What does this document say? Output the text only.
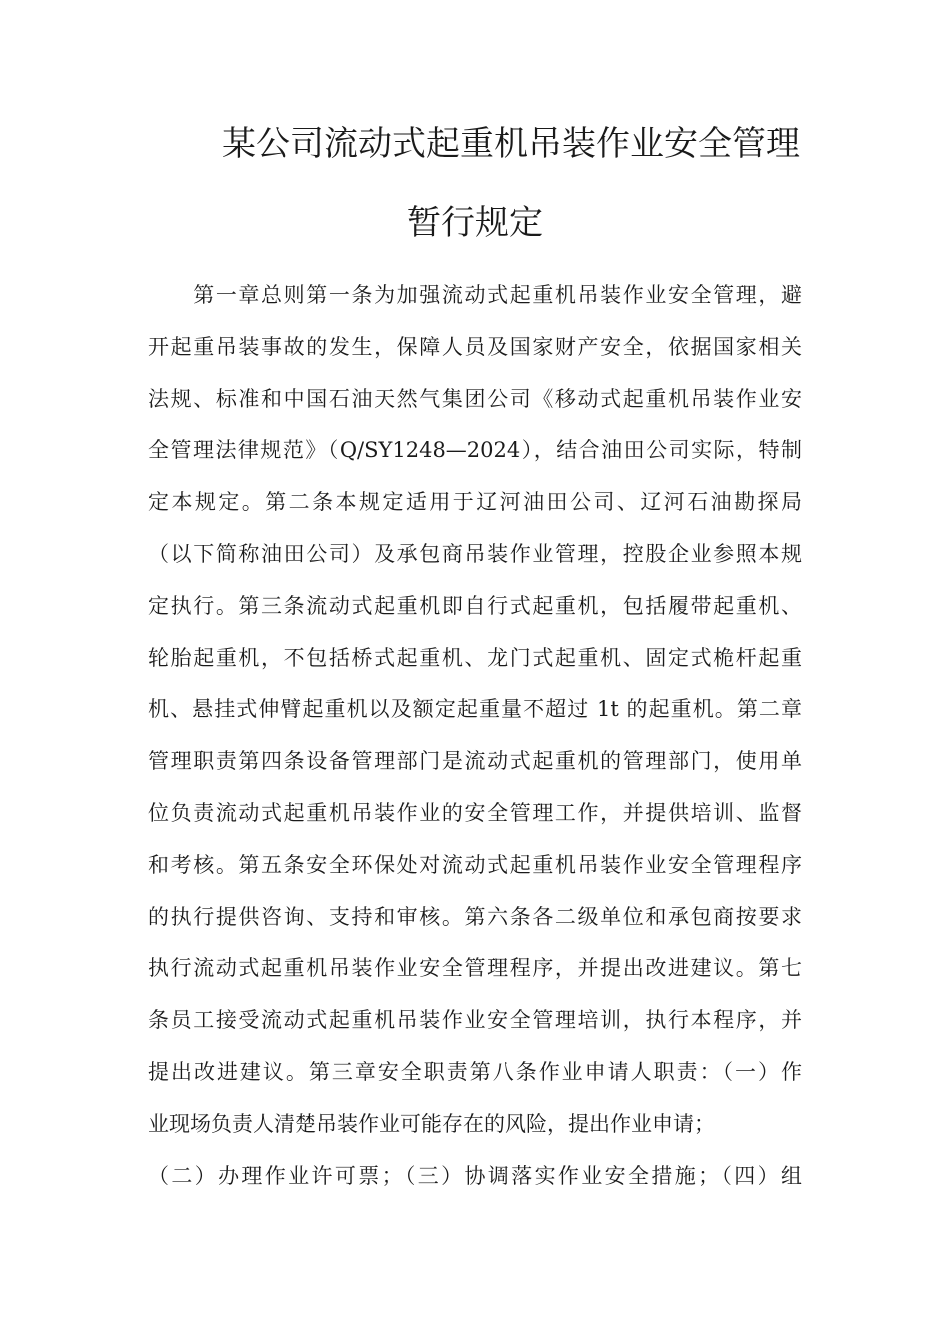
某公司流动式起重机吊装作业安全管理
暂行规定
　　第一章总则第一条为加强流动式起重机吊装作业安全管理，避
开起重吊装事故的发生，保障人员及国家财产安全，依据国家相关
法规、标准和中国石油天然气集团公司《移动式起重机吊装作业安
全管理法律规范》（Q/SY1248—2024），结合油田公司实际，特制
定本规定。第二条本规定适用于辽河油田公司、辽河石油勘探局
（以下简称油田公司）及承包商吊装作业管理，控股企业参照本规
定执行。第三条流动式起重机即自行式起重机，包括履带起重机、
轮胎起重机，不包括桥式起重机、龙门式起重机、固定式桅杆起重
机、悬挂式伸臂起重机以及额定起重量不超过 1t 的起重机。第二章
管理职责第四条设备管理部门是流动式起重机的管理部门，使用单
位负责流动式起重机吊装作业的安全管理工作，并提供培训、监督
和考核。第五条安全环保处对流动式起重机吊装作业安全管理程序
的执行提供咨询、支持和审核。第六条各二级单位和承包商按要求
执行流动式起重机吊装作业安全管理程序，并提出改进建议。第七
条员工接受流动式起重机吊装作业安全管理培训，执行本程序，并
提出改进建议。第三章安全职责第八条作业申请人职责：（一）作
业现场负责人清楚吊装作业可能存在的风险，提出作业申请；
（二）办理作业许可票；（三）协调落实作业安全措施；（四）组
